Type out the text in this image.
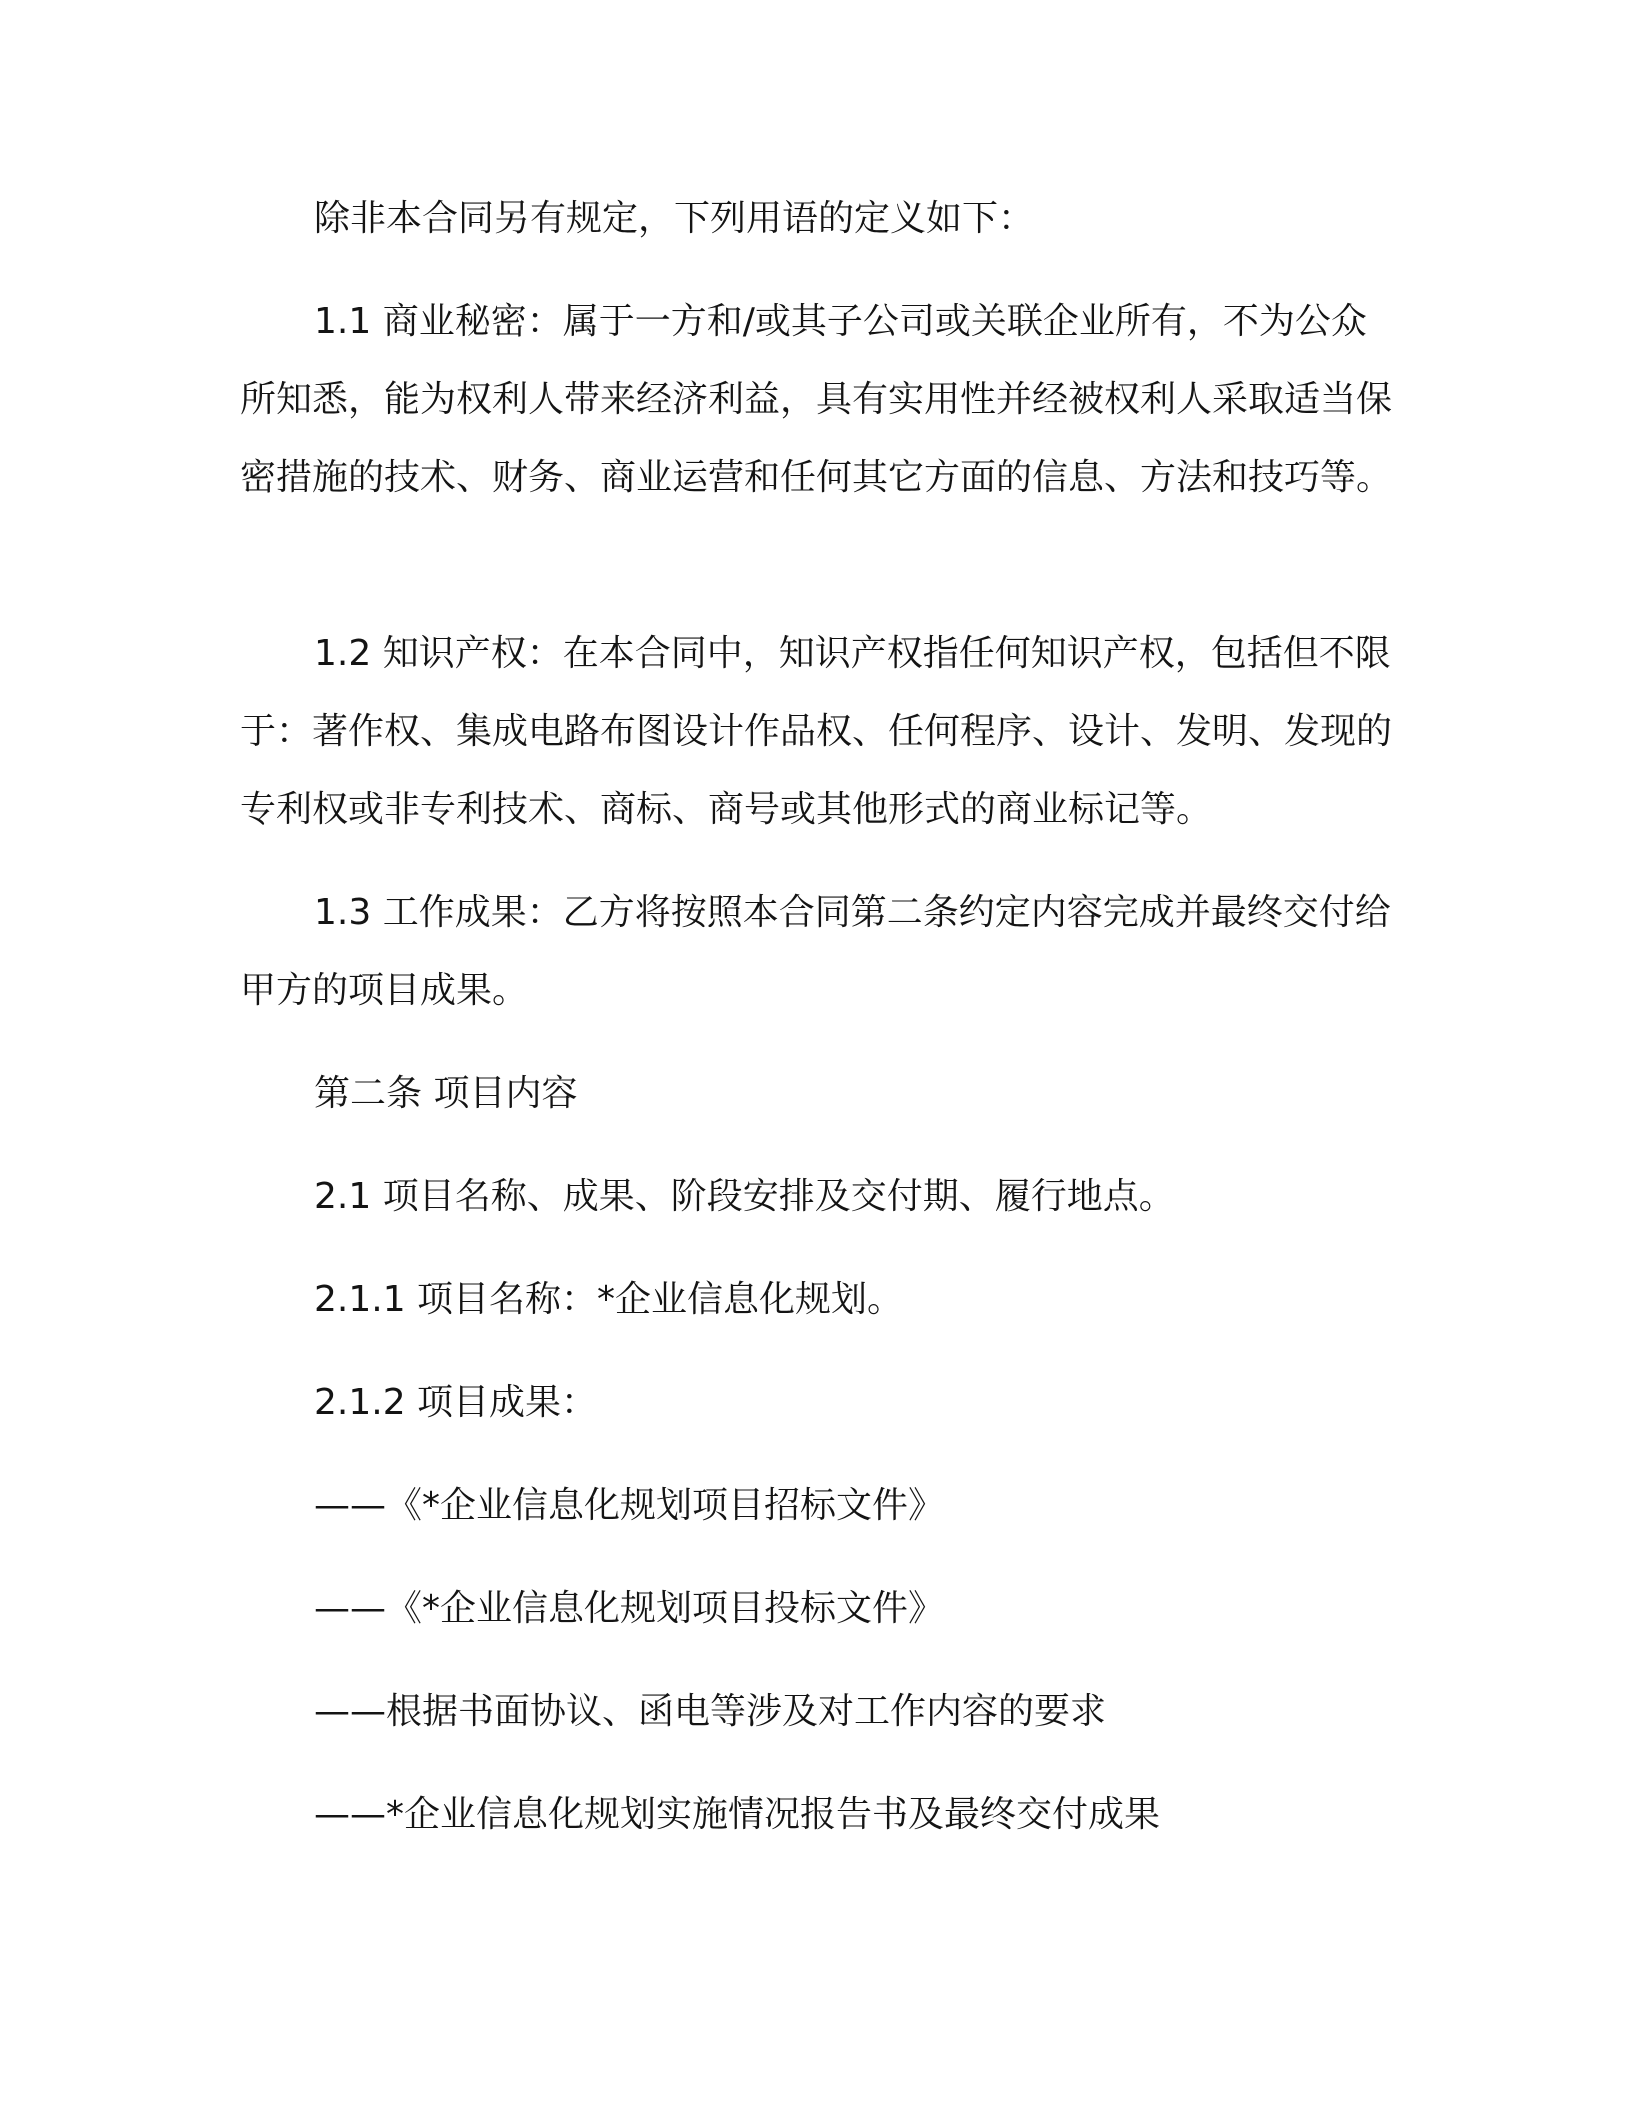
除非本合同另有规定，下列用语的定义如下：

1.1 商业秘密：属于一方和/或其子公司或关联企业所有，不为公众所知悉，能为权利人带来经济利益，具有实用性并经被权利人采取适当保密措施的技术、财务、商业运营和任何其它方面的信息、方法和技巧等。

1.2 知识产权：在本合同中，知识产权指任何知识产权，包括但不限于：著作权、集成电路布图设计作品权、任何程序、设计、发明、发现的专利权或非专利技术、商标、商号或其他形式的商业标记等。

1.3 工作成果：乙方将按照本合同第二条约定内容完成并最终交付给甲方的项目成果。

第二条 项目内容

2.1 项目名称、成果、阶段安排及交付期、履行地点。

2.1.1 项目名称：*企业信息化规划。

2.1.2 项目成果：

——《*企业信息化规划项目招标文件》

——《*企业信息化规划项目投标文件》

——根据书面协议、函电等涉及对工作内容的要求

——*企业信息化规划实施情况报告书及最终交付成果
